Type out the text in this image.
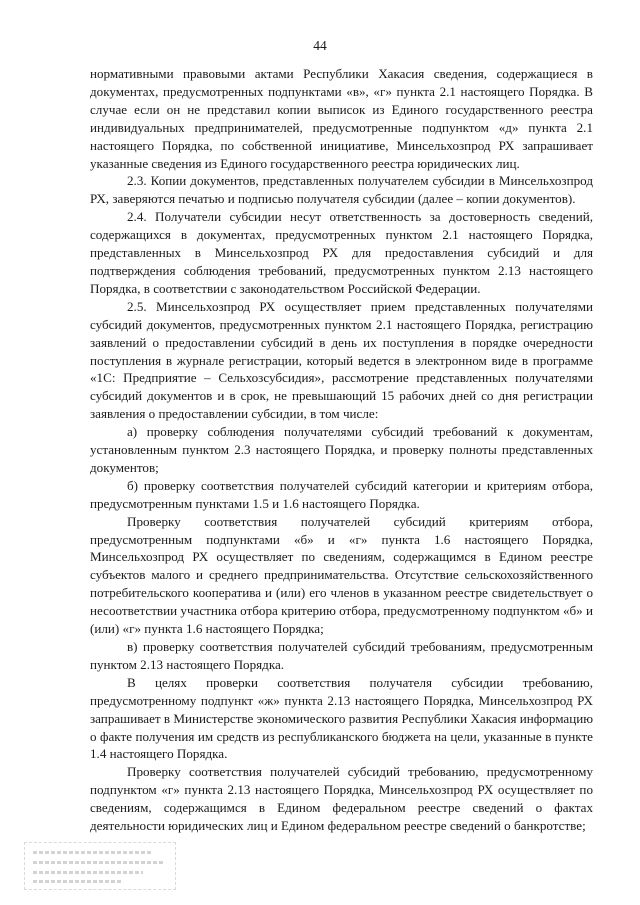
44

нормативными правовыми актами Республики Хакасия сведения, содержащиеся в документах, предусмотренных подпунктами «в», «г» пункта 2.1 настоящего Порядка. В случае если он не представил копии выписок из Единого государственного реестра индивидуальных предпринимателей, предусмотренные подпунктом «д» пункта 2.1 настоящего Порядка, по собственной инициативе, Минсельхозпрод РХ запрашивает указанные сведения из Единого государственного реестра юридических лиц.

2.3. Копии документов, представленных получателем субсидии в Минсельхозпрод РХ, заверяются печатью и подписью получателя субсидии (далее – копии документов).

2.4. Получатели субсидии несут ответственность за достоверность сведений, содержащихся в документах, предусмотренных пунктом 2.1 настоящего Порядка, представленных в Минсельхозпрод РХ для предоставления субсидий и для подтверждения соблюдения требований, предусмотренных пунктом 2.13 настоящего Порядка, в соответствии с законодательством Российской Федерации.

2.5. Минсельхозпрод РХ осуществляет прием представленных получателями субсидий документов, предусмотренных пунктом 2.1 настоящего Порядка, регистрацию заявлений о предоставлении субсидий в день их поступления в порядке очередности поступления в журнале регистрации, который ведется в электронном виде в программе «1С: Предприятие – Сельхозсубсидия», рассмотрение представленных получателями субсидий документов и в срок, не превышающий 15 рабочих дней со дня регистрации заявления о предоставлении субсидии, в том числе:

а) проверку соблюдения получателями субсидий требований к документам, установленным пунктом 2.3 настоящего Порядка, и проверку полноты представленных документов;

б) проверку соответствия получателей субсидий категории и критериям отбора, предусмотренным пунктами 1.5 и 1.6 настоящего Порядка.

Проверку соответствия получателей субсидий критериям отбора, предусмотренным подпунктами «б» и «г» пункта 1.6 настоящего Порядка, Минсельхозпрод РХ осуществляет по сведениям, содержащимся в Едином реестре субъектов малого и среднего предпринимательства. Отсутствие сельскохозяйственного потребительского кооператива и (или) его членов в указанном реестре свидетельствует о несоответствии участника отбора критерию отбора, предусмотренному подпунктом «б» и (или) «г» пункта 1.6 настоящего Порядка;

в) проверку соответствия получателей субсидий требованиям, предусмотренным пунктом 2.13 настоящего Порядка.

В целях проверки соответствия получателя субсидии требованию, предусмотренному подпункт «ж» пункта 2.13 настоящего Порядка, Минсельхозпрод РХ запрашивает в Министерстве экономического развития Республики Хакасия информацию о факте получения им средств из республиканского бюджета на цели, указанные в пункте 1.4 настоящего Порядка.

Проверку соответствия получателей субсидий требованию, предусмотренному подпунктом «г» пункта 2.13 настоящего Порядка, Минсельхозпрод РХ осуществляет по сведениям, содержащимся в Едином федеральном реестре сведений о фактах деятельности юридических лиц и Едином федеральном реестре сведений о банкротстве;
